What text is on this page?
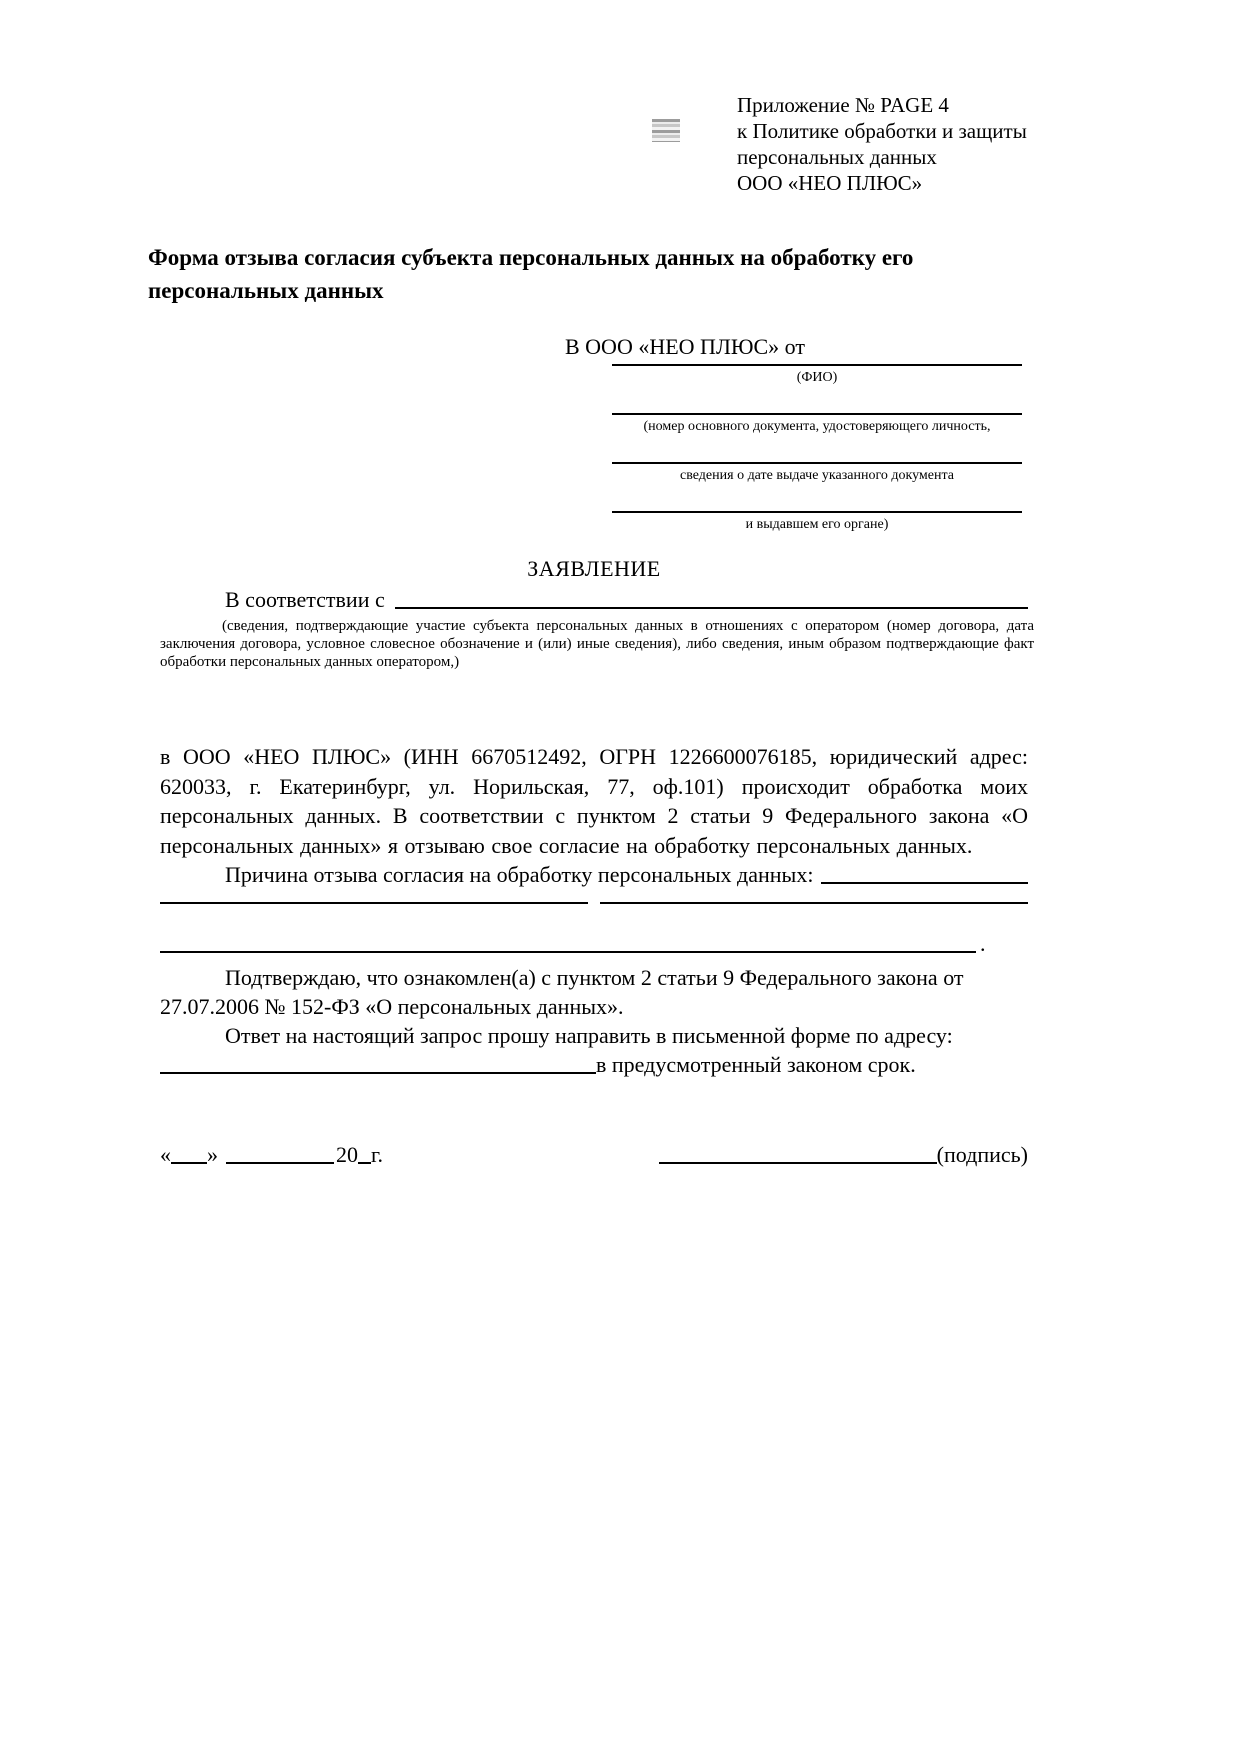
Приложение № PAGE 4
к Политике обработки и защиты
персональных данных
ООО «НЕО ПЛЮС»
Форма отзыва согласия субъекта персональных данных на обработку его персональных данных
В ООО «НЕО ПЛЮС» от
(ФИО)
(номер основного документа, удостоверяющего личность,
сведения о дате выдаче указанного документа
и выдавшем его органе)
ЗАЯВЛЕНИЕ
В соответствии с
(сведения, подтверждающие участие субъекта персональных данных в отношениях с оператором (номер договора, дата заключения договора, условное словесное обозначение и (или) иные сведения), либо сведения, иным образом подтверждающие факт обработки персональных данных оператором,)
в ООО «НЕО ПЛЮС» (ИНН 6670512492, ОГРН 1226600076185, юридический адрес: 620033, г. Екатеринбург, ул. Норильская, 77, оф.101) происходит обработка моих персональных данных. В соответствии с пунктом 2 статьи 9 Федерального закона «О персональных данных» я отзываю свое согласие на обработку персональных данных.
Причина отзыва согласия на обработку персональных данных:
.
Подтверждаю, что ознакомлен(а) с пунктом 2 статьи 9 Федерального закона от 27.07.2006 № 152-ФЗ «О персональных данных».
Ответ на настоящий запрос прошу направить в письменной форме по адресу:
в предусмотренный законом срок.
« »	20 г.	(подпись)
